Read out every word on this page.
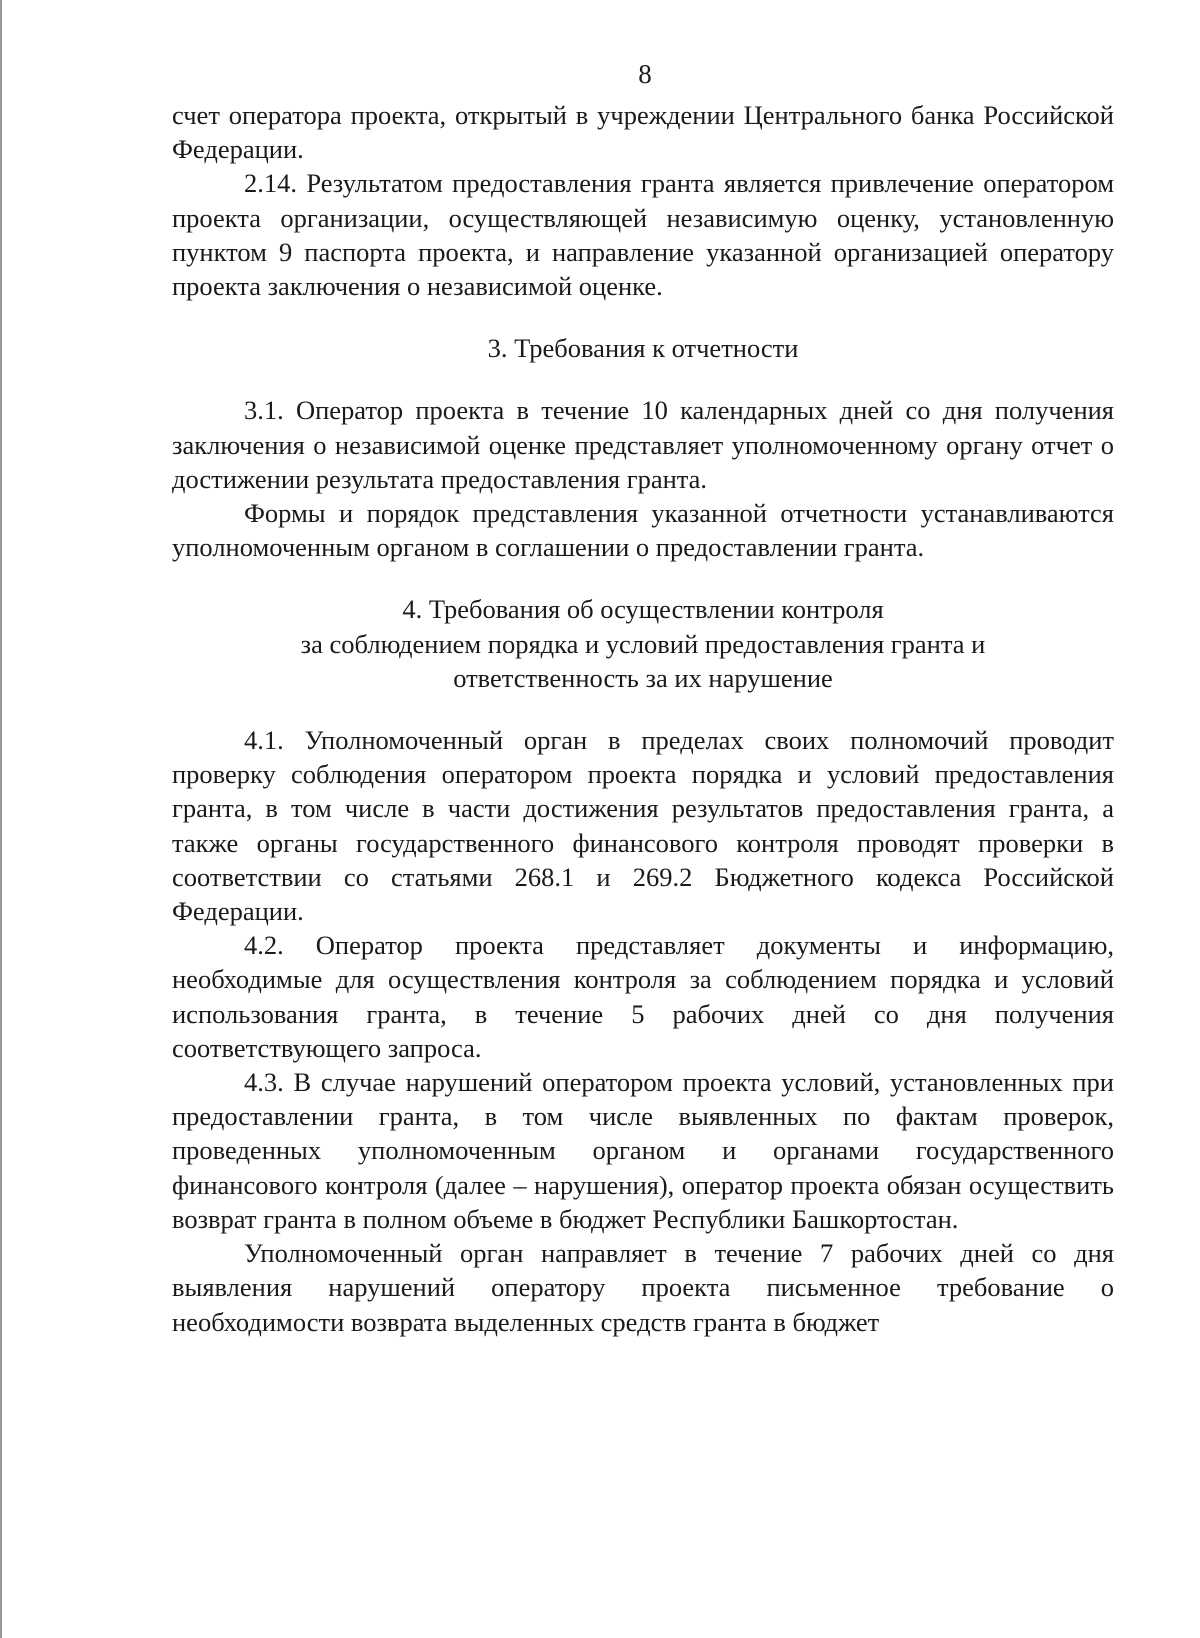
8

счет оператора проекта, открытый в учреждении Центрального банка Российской Федерации.

2.14. Результатом предоставления гранта является привлечение оператором проекта организации, осуществляющей независимую оценку, установленную пунктом 9 паспорта проекта, и направление указанной организацией оператору проекта заключения о независимой оценке.

3. Требования к отчетности

3.1. Оператор проекта в течение 10 календарных дней со дня получения заключения о независимой оценке представляет уполномоченному органу отчет о достижении результата предоставления гранта.

Формы и порядок представления указанной отчетности устанавливаются уполномоченным органом в соглашении о предоставлении гранта.

4. Требования об осуществлении контроля
за соблюдением порядка и условий предоставления гранта и
ответственность за их нарушение

4.1. Уполномоченный орган в пределах своих полномочий проводит проверку соблюдения оператором проекта порядка и условий предоставления гранта, в том числе в части достижения результатов предоставления гранта, а также органы государственного финансового контроля проводят проверки в соответствии со статьями 268.1 и 269.2 Бюджетного кодекса Российской Федерации.

4.2. Оператор проекта представляет документы и информацию, необходимые для осуществления контроля за соблюдением порядка и условий использования гранта, в течение 5 рабочих дней со дня получения соответствующего запроса.

4.3. В случае нарушений оператором проекта условий, установленных при предоставлении гранта, в том числе выявленных по фактам проверок, проведенных уполномоченным органом и органами государственного финансового контроля (далее – нарушения), оператор проекта обязан осуществить возврат гранта в полном объеме в бюджет Республики Башкортостан.

Уполномоченный орган направляет в течение 7 рабочих дней со дня выявления нарушений оператору проекта письменное требование о необходимости возврата выделенных средств гранта в бюджет
